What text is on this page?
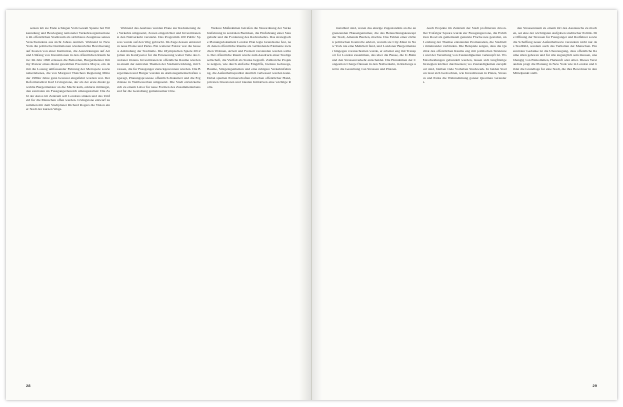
setzen leb ste Ende schlagen Vom Gesam Spante bei Wilkenndung und Bewiegung nationaler Verkehrsorganisationen im offentlichen Stadtraum als sichtbares Zeugnisse seines Verschwindens aus nicht Jahres Antrieb. Wahrend in New York die politische Institutionen wiedererlebte Bevolkerung auf Kosten von einer Institution, die Auswirkungen auf Art und Umfang von Investitionen in den offentlichen Raum hatte: Im Jahr 1990 erlassen die Behorden, Burgermeister Jimmy Pretzer eines direkt gewahlten Executive Mayor, ein damit die Losung umfassender Fuhrung der Metropole sowie naherlebenes, die von Margaret Thatchers Regierung Mitte der 1980er Jahre ganz bewusst eingefuhrt worden war. Der Reformstadtrat Karl Livingstone, der als der erste direkt gewahlte Burgermeister an die Macht kam, erklarte mitlangst, den zentralen als Fussgangerbereich umzugestalten: Die Zahl der Autos im Zentrum soll Londons sinken und das Umfeld fur die Menschen offen werden. Livingstone entwarf zusammen mit dem Stadtplaner Richard Rogers die Vision einer Stadt der kurzen Wege.

Wahrend des Ausbaus wurden Plane zur Reduzierung des Verkehrs umgesetzt, Zonen eingerichtet und Investitionen in den Nahverkehr verstarkt. Das Programm 100 Public Spaces wurde auf den Weg gebracht. Im Zuge dessen entstanden neue Platze und Parks. Ein weiterer Faktor war die bessere Anbindung der Stadtteile. Die Olympischen Spiele 2012 galten als Katalysator fur die Erneuerung weiter Teile des Londoner Ostens. Investitionen in offentliche Raume wurden zu einem der zentralen Themen der Stadtentwicklung, mit Strassen, die fur Fussganger zuruckgewonnen wurden. Die Burgerinnen und Burger wurden zu Aktionsgemeinschaften angeregt, Planungsprozesse offentlich diskutiert und die Ergebnisse in Wettbewerben umgesetzt. Die Stadt entwickelte sich zu einem Labor fur neue Formen des Zusammenlebens und fur die Gestaltung gemeinsamer Orte.

Weitere Maßnahmen betrafen die Neuordnung der Verkehrsfuhrung in zentralen Bezirken, die Einfuhrung einer Staugebuhr und die Forderung des Radverkehrs. Das strategische Planungsdokument London Plan legte Grundsatze fest, nach denen offentliche Raume als verbindende Elemente zwischen Wohnen, Arbeit und Freizeit verstanden werden sollten. Der offentliche Raum wurde zum Ausdruck einer Stadtgesellschaft, die Vielfalt als Starke begreift. Zahlreiche Projekte zeigten, wie durch einfache Eingriffe, breitere Gehwege, Baume, Sitzgelegenheiten und eine ruhigere Verkehrsfuhrung, die Aufenthaltsqualitat deutlich verbessert werden kann. Dabei spielten Partnerschaften zwischen offentlicher Hand, privaten Investoren und lokalen Initiativen eine wichtige Rolle.

28

installiert sind, waren das einzige Zugestandnis an die angrenzenden Hauseigentumer, die das Beleuchtungskonzept der Stadt, Amanda Burden, machte. Das Fehlen einer zivilen politischen Kontrolle erklart, warum sie City-Maut in New York nie eine Mehrheit fand, und Londoner Burgermeister hingegen voranschreiten wurde, er arbeitet eng mit Transport for London zusammen, das uber die Busse, die U-Bahn und den Strassenverkehr entscheidet. Die Einnahmen der Congestion Charge fliessen in den Nahverkehr, in Radwege und in die Gestaltung von Strassen und Platzen.

Auch Projekte im Zentrum der Stadt profitierten davon. Der Trafalgar Square wurde zur Fussgangerzone, die Exhibition Road als gemeinsam genutzte Flache neu gestaltet, und entlang der Themse entstanden Promenaden, die Stadtteile miteinander verbinden. Die Beispiele zeigen, dass die Qualitat des offentlichen Raums eng mit politischen Strukturen und der Verteilung von Zustandigkeiten verknupft ist. Wo Entscheidungen gebundelt werden, lassen sich langfristige Strategien leichter durchsetzen; wo Zustandigkeiten zersplittert sind, bleiben viele Vorhaben Stuckwerk. In beiden Stadten lasst sich beobachten, wie Investitionen in Platze, Strassen und Parks die Wahrnehmung ganzer Quartiere verandern.

den Strassenraum zu einem Ort des Austauschs zu machen, sei eine der wichtigsten Aufgaben stadtischer Politik. Die Offnung der Strassen fur Fussganger und Radfahrer sowie die Schaffung neuer Aufenthaltsorte verandern nicht nur das Stadtbild, sondern auch das Verhalten der Menschen. Ein zentraler Gedanke ist die Uberzeugung, dass offentliche Raume allen gehoren und fur alle zuganglich sein mussen, unabhangig von Einkommen, Herkunft oder Alter. Dieses Verstandnis pragt die Planung in New York wie in London und bildet die Grundlage fur eine Stadt, die ihre Bewohner in den Mittelpunkt stellt.

29
